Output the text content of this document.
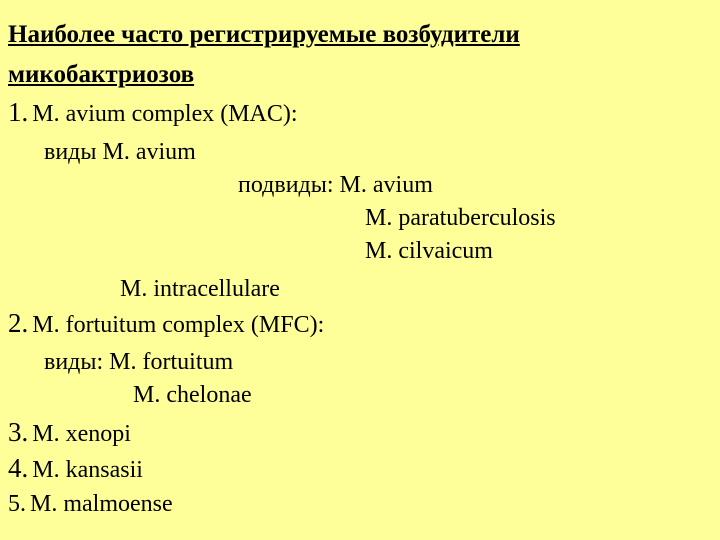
Наиболее часто регистрируемые возбудители
микобактриозов
1. M. avium complex (MAC):
виды M. avium
подвиды: M. avium
M. paratuberculosis
M. cilvaicum
M. intracellulare
2. M. fortuitum complex (MFC):
виды: M. fortuitum
M. chelonae
3. M. xenopi
4. M. kansasii
5. M. malmoense
